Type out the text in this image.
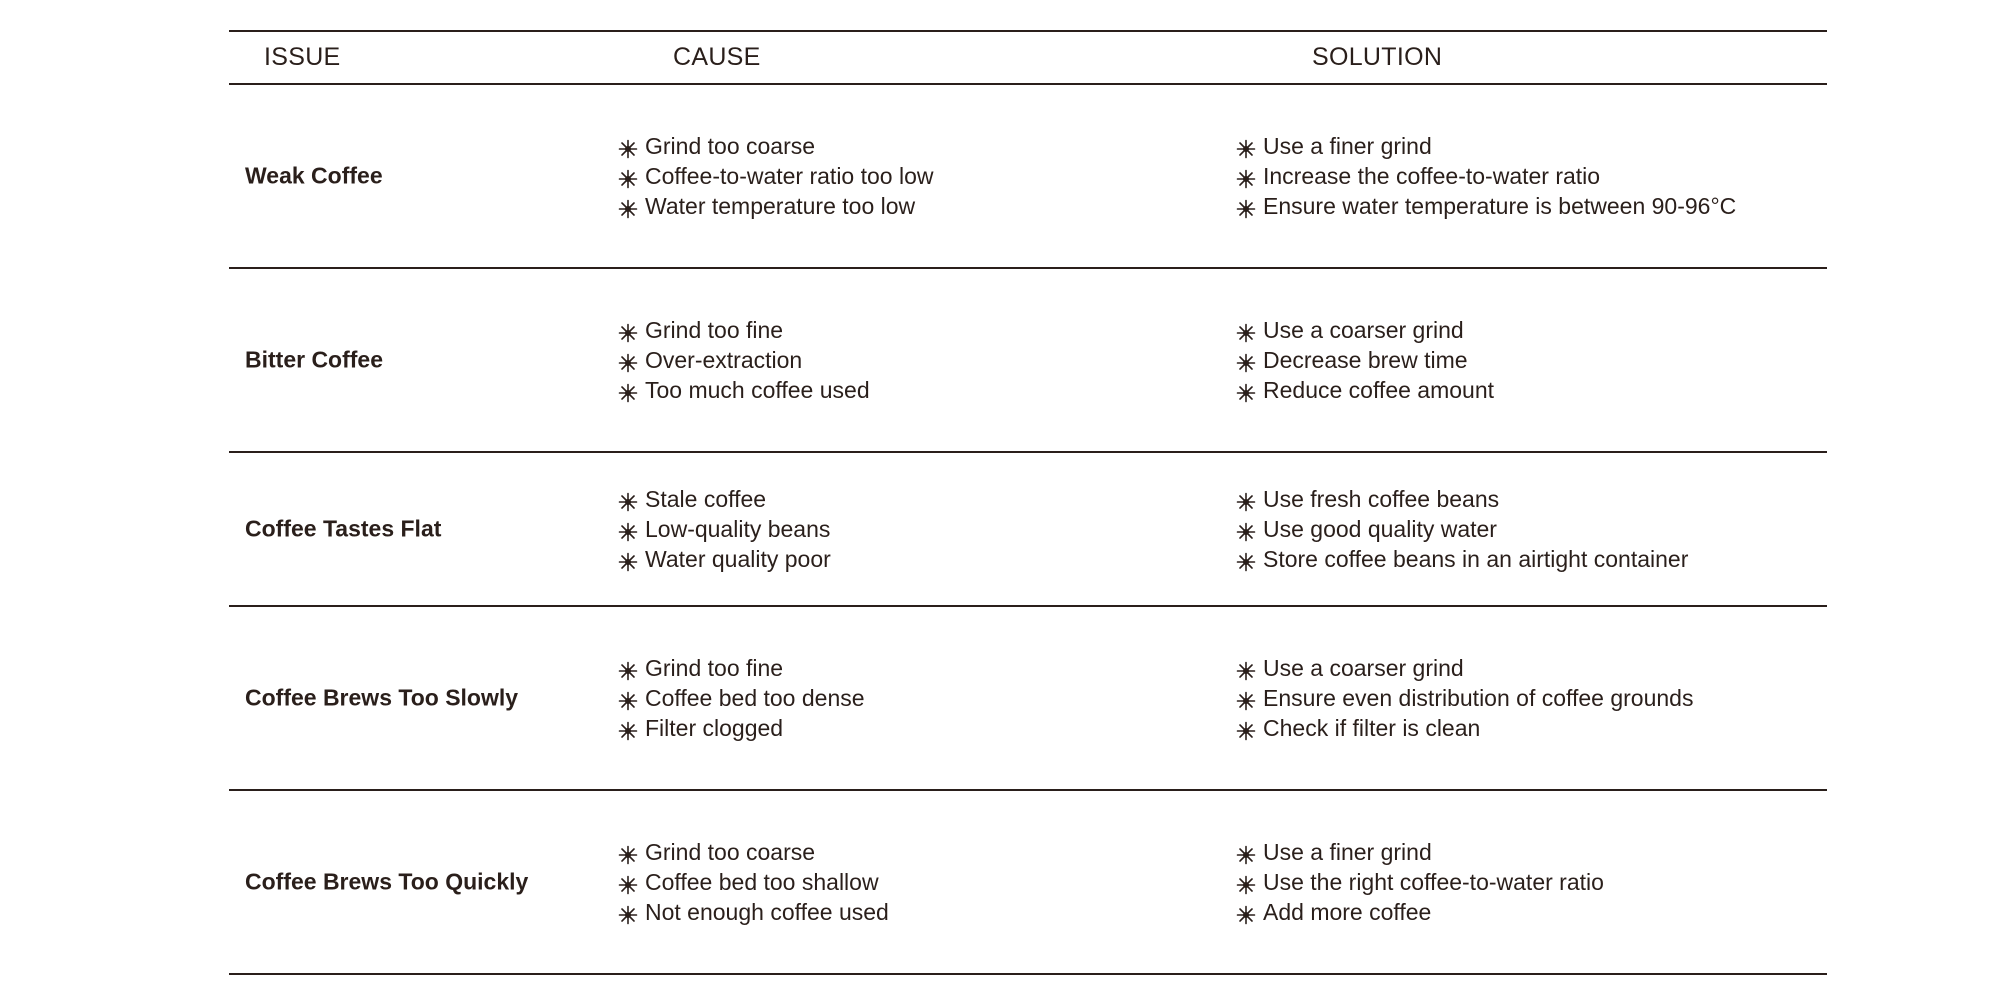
ISSUE	CAUSE	SOLUTION
Weak Coffee
Grind too coarse
Coffee-to-water ratio too low
Water temperature too low
Use a finer grind
Increase the coffee-to-water ratio
Ensure water temperature is between 90-96°C
Bitter Coffee
Grind too fine
Over-extraction
Too much coffee used
Use a coarser grind
Decrease brew time
Reduce coffee amount
Coffee Tastes Flat
Stale coffee
Low-quality beans
Water quality poor
Use fresh coffee beans
Use good quality water
Store coffee beans in an airtight container
Coffee Brews Too Slowly
Grind too fine
Coffee bed too dense
Filter clogged
Use a coarser grind
Ensure even distribution of coffee grounds
Check if filter is clean
Coffee Brews Too Quickly
Grind too coarse
Coffee bed too shallow
Not enough coffee used
Use a finer grind
Use the right coffee-to-water ratio
Add more coffee
